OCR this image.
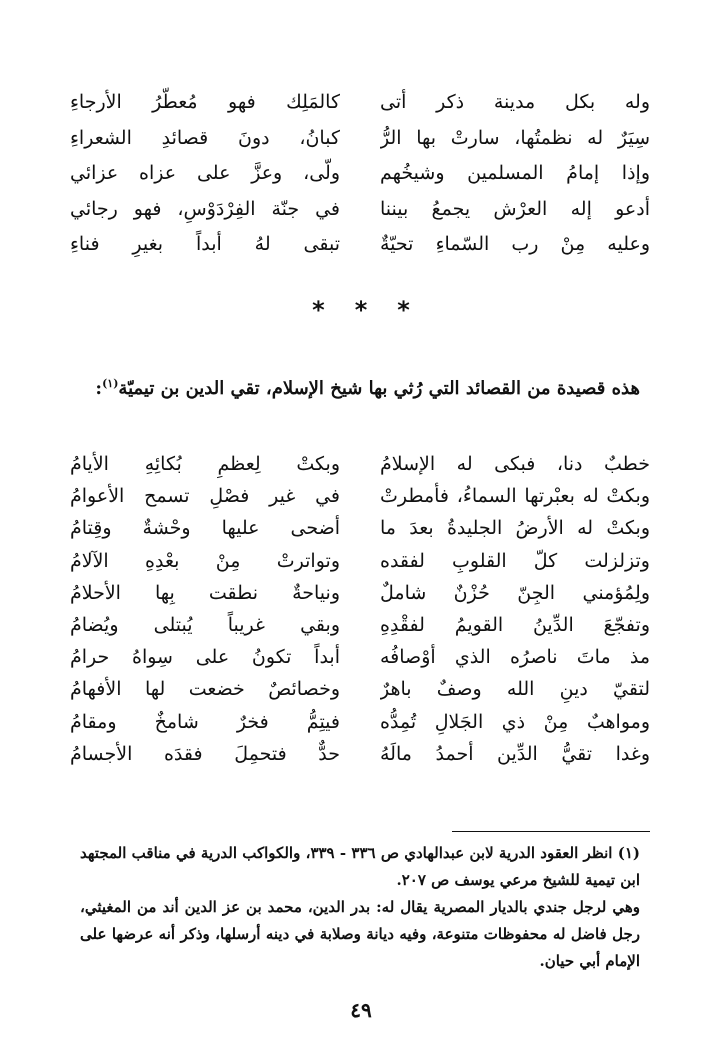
وله بكل مدينة ذكر أتى
كالمَلِك فهو مُعطّرُ الأرجاءِ
سِيَرٌ له نظمتُها، سارتْ بها الرُّ
كبانُ، دونَ قصائدِ الشعراءِ
وإذا إمامُ المسلمين وشيخُهم
ولّى، وعزَّ على عزاه عزائي
أدعو إله العرْش يجمعُ بيننا
في جنّة الفِرْدَوْسِ، فهو رجائي
وعليه مِنْ رب السّماءِ تحيّةٌ
تبقى لهُ أبداً بغيرِ فناءِ
* * *
هذه قصيدة من القصائد التي رُثي بها شيخ الإسلام، تقي الدين بن تيميّة$^{(١)}$:
خطبٌ دنا، فبكى له الإسلامُ
وبكتْ لِعظمِ بُكائِهِ الأيامُ
وبكتْ له بعبْرتها السماءُ، فأمطرتْ
في غير فصْلِ تسمح الأعوامُ
وبكتْ له الأرضُ الجليدةُ بعدَ ما
أضحى عليها وحْشةٌ وقِتامُ
وتزلزلت كلّ القلوبِ لفقده
وتواترتْ مِنْ بعْدِهِ الآلامُ
ولِمُؤمني الجِنّ حُزْنٌ شاملٌ
ونياحةٌ نطقت بِها الأحلامُ
وتفجّعَ الدِّينُ القويمُ لفقْدِهِ
وبقي غريباً يُبتلى ويُضامُ
مذ ماتَ ناصرُه الذي أوْصافُه
أبداً تكونُ على سِواهُ حرامُ
لتقيّ دينِ الله وصفٌ باهرٌ
وخصائصٌ خضعت لها الأفهامُ
ومواهبٌ مِنْ ذي الجَلالِ تُمِدُّه
فيتِمُّ فخرٌ شامخٌ ومقامُ
وغدا تقيُّ الدِّين أحمدُ مالَهُ
حدٌّ فتحمِلَ فقدَه الأجسامُ

(١) انظر العقود الدرية لابن عبدالهادي ص ٣٣٦ - ٣٣٩، والكواكب الدرية في مناقب المجتهد ابن تيمية للشيخ مرعي يوسف ص ٢٠٧.

وهي لرجل جندي بالديار المصرية يقال له: بدر الدين، محمد بن عز الدين أند من المغيثي، رجل فاضل له محفوظات متنوعة، وفيه ديانة وصلابة في دينه أرسلها، وذكر أنه عرضها على الإمام أبي حيان.

٤٩
